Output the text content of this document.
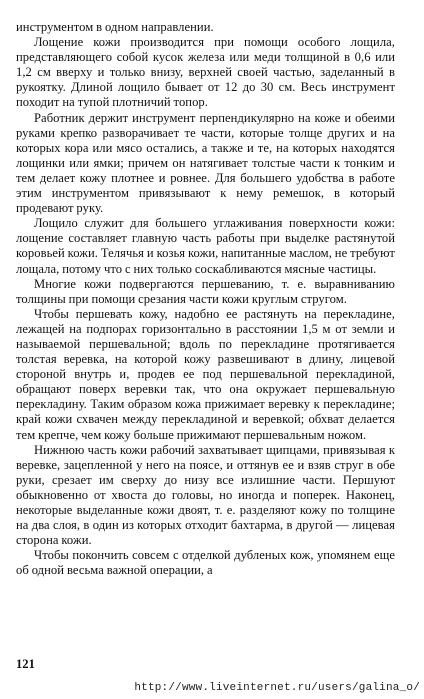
инструментом в одном направлении.

Лощение кожи производится при помощи особого лощила, представляющего собой кусок железа или меди толщиной в 0,6 или 1,2 см вверху и только внизу, верхней своей частью, заделанный в рукоятку. Длиной лощило бывает от 12 до 30 см. Весь инструмент походит на тупой плотничий топор.

Работник держит инструмент перпендикулярно на коже и обеими руками крепко разворачивает те части, которые толще других и на которых кора или мясо остались, а также и те, на которых находятся лощинки или ямки; причем он натягивает толстые части к тонким и тем делает кожу плотнее и ровнее. Для большего удобства в работе этим инструментом привязывают к нему ремешок, в который продевают руку.

Лощило служит для большего углаживания поверхности кожи: лощение составляет главную часть работы при выделке растянутой коровьей кожи. Телячья и козья кожи, напитанные маслом, не требуют лощала, потому что с них только соскабливаются мясные частицы.

Многие кожи подвергаются першеванию, т. е. выравниванию толщины при помощи срезания части кожи круглым стругом.

Чтобы першевать кожу, надобно ее растянуть на перекладине, лежащей на подпорах горизонтально в расстоянии 1,5 м от земли и называемой першевальной; вдоль по перекладине протягивается толстая веревка, на которой кожу развешивают в длину, лицевой стороной внутрь и, продев ее под першевальной перекладиной, обращают поверх веревки так, что она окружает першевальную перекладину. Таким образом кожа прижимает веревку к перекладине; край кожи схвачен между перекладиной и веревкой; обхват делается тем крепче, чем кожу больше прижимают першевальным ножом.

Нижнюю часть кожи рабочий захватывает щипцами, привязывая к веревке, зацепленной у него на поясе, и оттянув ее и взяв струг в обе руки, срезает им сверху до низу все излишние части. Першуют обыкновенно от хвоста до головы, но иногда и поперек. Наконец, некоторые выделанные кожи двоят, т. е. разделяют кожу по толщине на два слоя, в один из которых отходит бахтарма, в другой — лицевая сторона кожи.

Чтобы покончить совсем с отделкой дубленых кож, упомянем еще об одной весьма важной операции, а

121
http://www.liveinternet.ru/users/galina_o/
